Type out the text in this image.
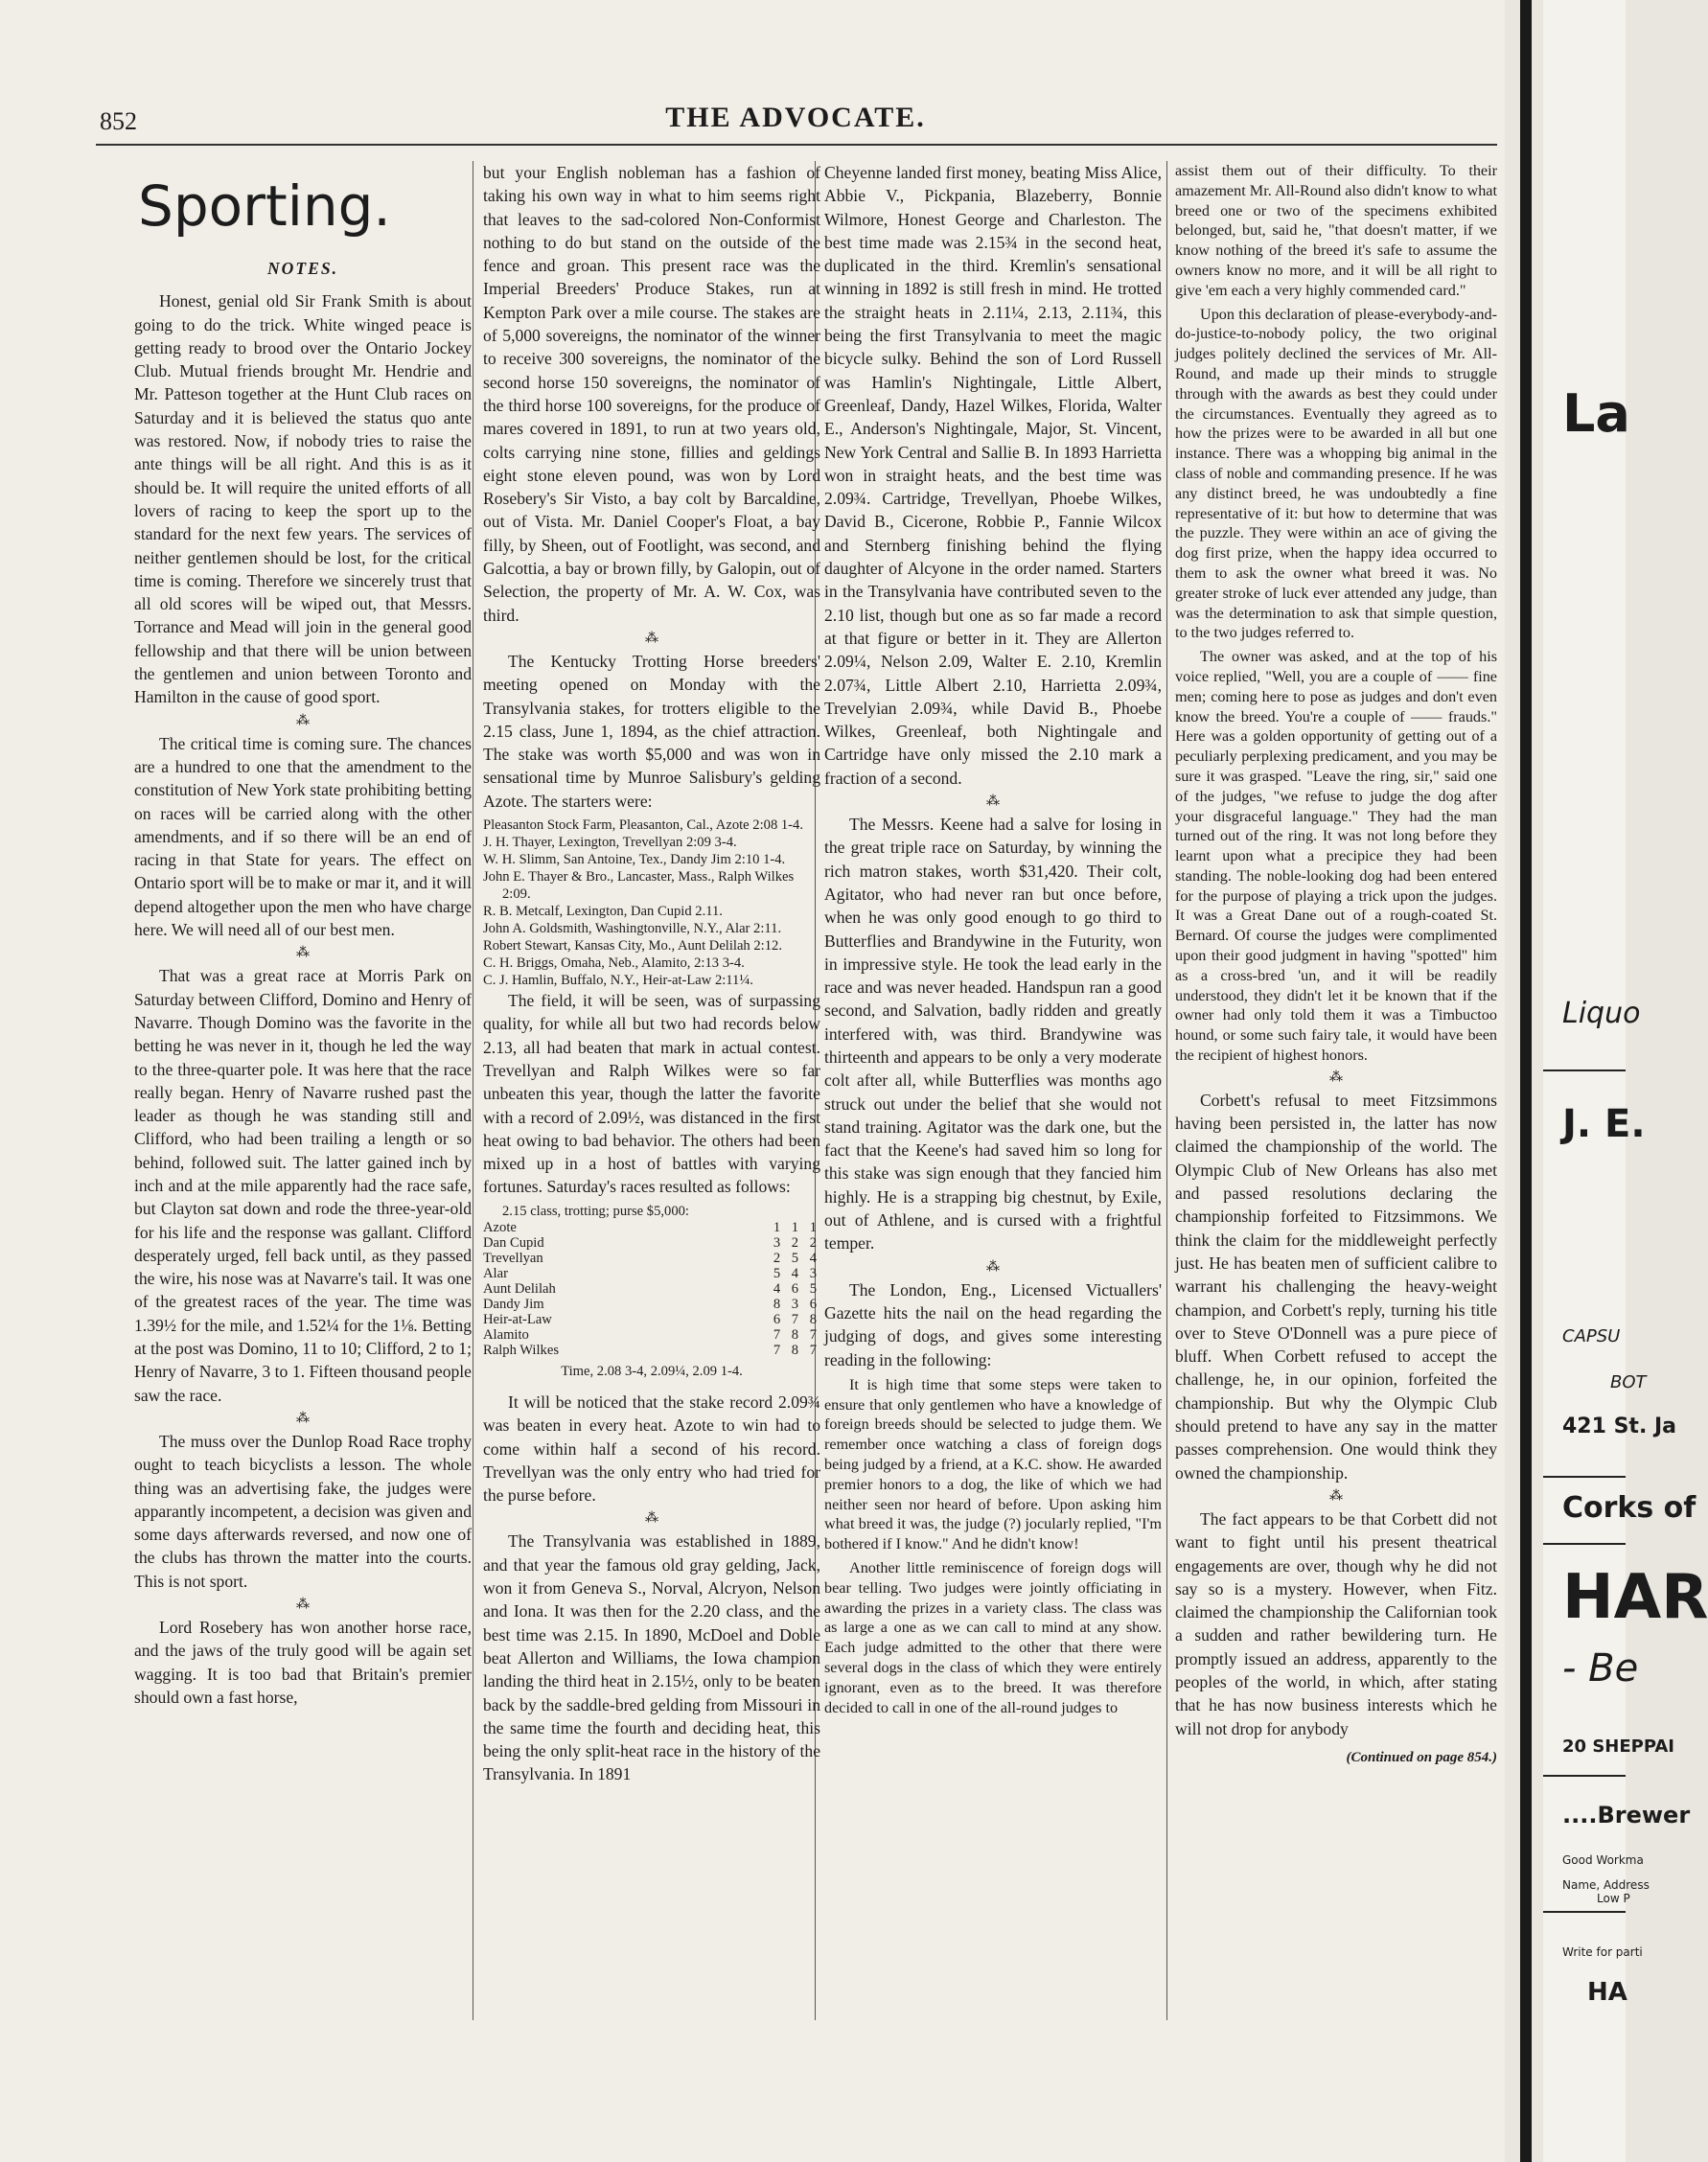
852	THE ADVOCATE.
Sporting.
NOTES.

Honest, genial old Sir Frank Smith is about going to do the trick. White winged peace is getting ready to brood over the Ontario Jockey Club. Mutual friends brought Mr. Hendrie and Mr. Patteson together at the Hunt Club races on Saturday and it is believed the status quo ante was restored. Now, if nobody tries to raise the ante things will be all right. And this is as it should be. It will require the united efforts of all lovers of racing to keep the sport up to the standard for the next few years. The services of neither gentlemen should be lost, for the critical time is coming. Therefore we sincerely trust that all old scores will be wiped out, that Messrs. Torrance and Mead will join in the general good fellowship and that there will be union between the gentlemen and union between Toronto and Hamilton in the cause of good sport.

⁂

The critical time is coming sure. The chances are a hundred to one that the amendment to the constitution of New York state prohibiting betting on races will be carried along with the other amendments, and if so there will be an end of racing in that State for years. The effect on Ontario sport will be to make or mar it, and it will depend altogether upon the men who have charge here. We will need all of our best men.

⁂

That was a great race at Morris Park on Saturday between Clifford, Domino and Henry of Navarre. Though Domino was the favorite in the betting he was never in it, though he led the way to the three-quarter pole. It was here that the race really began. Henry of Navarre rushed past the leader as though he was standing still and Clifford, who had been trailing a length or so behind, followed suit. The latter gained inch by inch and at the mile apparently had the race safe, but Clayton sat down and rode the three-year-old for his life and the response was gallant. Clifford desperately urged, fell back until, as they passed the wire, his nose was at Navarre's tail. It was one of the greatest races of the year. The time was 1.39½ for the mile, and 1.52¼ for the 1⅛. Betting at the post was Domino, 11 to 10; Clifford, 2 to 1; Henry of Navarre, 3 to 1. Fifteen thousand people saw the race.

⁂

The muss over the Dunlop Road Race trophy ought to teach bicyclists a lesson. The whole thing was an advertising fake, the judges were apparantly incompetent, a decision was given and some days afterwards reversed, and now one of the clubs has thrown the matter into the courts. This is not sport.

⁂

Lord Rosebery has won another horse race, and the jaws of the truly good will be again set wagging. It is too bad that Britain's premier should own a fast horse,

but your English nobleman has a fashion of taking his own way in what to him seems right that leaves to the sad-colored Non-Conformist nothing to do but stand on the outside of the fence and groan. This present race was the Imperial Breeders' Produce Stakes, run at Kempton Park over a mile course. The stakes are of 5,000 sovereigns, the nominator of the winner to receive 300 sovereigns, the nominator of the second horse 150 sovereigns, the nominator of the third horse 100 sovereigns, for the produce of mares covered in 1891, to run at two years old, colts carrying nine stone, fillies and geldings eight stone eleven pound, was won by Lord Rosebery's Sir Visto, a bay colt by Barcaldine, out of Vista. Mr. Daniel Cooper's Float, a bay filly, by Sheen, out of Footlight, was second, and Galcottia, a bay or brown filly, by Galopin, out of Selection, the property of Mr. A. W. Cox, was third.

⁂

The Kentucky Trotting Horse breeders' meeting opened on Monday with the Transylvania stakes, for trotters eligible to the 2.15 class, June 1, 1894, as the chief attraction. The stake was worth $5,000 and was won in sensational time by Munroe Salisbury's gelding Azote. The starters were:

Pleasanton Stock Farm, Pleasanton, Cal., Azote 2:08 1-4.
J. H. Thayer, Lexington, Trevellyan 2:09 3-4.
W. H. Slimm, San Antoine, Tex., Dandy Jim 2:10 1-4.
John E. Thayer & Bro., Lancaster, Mass., Ralph Wilkes 2:09.
R. B. Metcalf, Lexington, Dan Cupid 2.11.
John A. Goldsmith, Washingtonville, N.Y., Alar 2:11.
Robert Stewart, Kansas City, Mo., Aunt Delilah 2:12.
C. H. Briggs, Omaha, Neb., Alamito, 2:13 3-4.
C. J. Hamlin, Buffalo, N.Y., Heir-at-Law 2:11¼.

The field, it will be seen, was of surpassing quality, for while all but two had records below 2.13, all had beaten that mark in actual contest. Trevellyan and Ralph Wilkes were so far unbeaten this year, though the latter the favorite with a record of 2.09½, was distanced in the first heat owing to bad behavior. The others had been mixed up in a host of battles with varying fortunes. Saturday's races resulted as follows:

2.15 class, trotting; purse $5,000:
Azote	1 1 1
Dan Cupid	3 2 2
Trevellyan	2 5 4
Alar	5 4 3
Aunt Delilah	4 6 5
Dandy Jim	8 3 6
Heir-at-Law	6 7 8
Alamito	7 8 7
Ralph Wilkes	7 8 7
Time, 2.08 3-4, 2.09¼, 2.09 1-4.

It will be noticed that the stake record 2.09¾ was beaten in every heat. Azote to win had to come within half a second of his record. Trevellyan was the only entry who had tried for the purse before.

⁂

The Transylvania was established in 1889, and that year the famous old gray gelding, Jack, won it from Geneva S., Norval, Alcryon, Nelson and Iona. It was then for the 2.20 class, and the best time was 2.15. In 1890, McDoel and Doble beat Allerton and Williams, the Iowa champion landing the third heat in 2.15½, only to be beaten back by the saddle-bred gelding from Missouri in the same time the fourth and deciding heat, this being the only split-heat race in the history of the Transylvania. In 1891

Cheyenne landed first money, beating Miss Alice, Abbie V., Pickpania, Blazeberry, Bonnie Wilmore, Honest George and Charleston. The best time made was 2.15¾ in the second heat, duplicated in the third. Kremlin's sensational winning in 1892 is still fresh in mind. He trotted the straight heats in 2.11¼, 2.13, 2.11¾, this being the first Transylvania to meet the magic bicycle sulky. Behind the son of Lord Russell was Hamlin's Nightingale, Little Albert, Greenleaf, Dandy, Hazel Wilkes, Florida, Walter E., Anderson's Nightingale, Major, St. Vincent, New York Central and Sallie B. In 1893 Harrietta won in straight heats, and the best time was 2.09¾. Cartridge, Trevellyan, Phoebe Wilkes, David B., Cicerone, Robbie P., Fannie Wilcox and Sternberg finishing behind the flying daughter of Alcyone in the order named. Starters in the Transylvania have contributed seven to the 2.10 list, though but one as so far made a record at that figure or better in it. They are Allerton 2.09¼, Nelson 2.09, Walter E. 2.10, Kremlin 2.07¾, Little Albert 2.10, Harrietta 2.09¾, Trevelyian 2.09¾, while David B., Phoebe Wilkes, Greenleaf, both Nightingale and Cartridge have only missed the 2.10 mark a fraction of a second.

⁂

The Messrs. Keene had a salve for losing in the great triple race on Saturday, by winning the rich matron stakes, worth $31,420. Their colt, Agitator, who had never ran but once before, when he was only good enough to go third to Butterflies and Brandywine in the Futurity, won in impressive style. He took the lead early in the race and was never headed. Handspun ran a good second, and Salvation, badly ridden and greatly interfered with, was third. Brandywine was thirteenth and appears to be only a very moderate colt after all, while Butterflies was months ago struck out under the belief that she would not stand training. Agitator was the dark one, but the fact that the Keene's had saved him so long for this stake was sign enough that they fancied him highly. He is a strapping big chestnut, by Exile, out of Athlene, and is cursed with a frightful temper.

⁂

The London, Eng., Licensed Victuallers' Gazette hits the nail on the head regarding the judging of dogs, and gives some interesting reading in the following:

It is high time that some steps were taken to ensure that only gentlemen who have a knowledge of foreign breeds should be selected to judge them. We remember once watching a class of foreign dogs being judged by a friend, at a K.C. show. He awarded premier honors to a dog, the like of which we had neither seen nor heard of before. Upon asking him what breed it was, the judge (?) jocularly replied, "I'm bothered if I know." And he didn't know!

Another little reminiscence of foreign dogs will bear telling. Two judges were jointly officiating in awarding the prizes in a variety class. The class was as large a one as we can call to mind at any show. Each judge admitted to the other that there were several dogs in the class of which they were entirely ignorant, even as to the breed. It was therefore decided to call in one of the all-round judges to

assist them out of their difficulty. To their amazement Mr. All-Round also didn't know to what breed one or two of the specimens exhibited belonged, but, said he, "that doesn't matter, if we know nothing of the breed it's safe to assume the owners know no more, and it will be all right to give 'em each a very highly commended card."

Upon this declaration of please-everybody-and-do-justice-to-nobody policy, the two original judges politely declined the services of Mr. All-Round, and made up their minds to struggle through with the awards as best they could under the circumstances. Eventually they agreed as to how the prizes were to be awarded in all but one instance. There was a whopping big animal in the class of noble and commanding presence. If he was any distinct breed, he was undoubtedly a fine representative of it: but how to determine that was the puzzle. They were within an ace of giving the dog first prize, when the happy idea occurred to them to ask the owner what breed it was. No greater stroke of luck ever attended any judge, than was the determination to ask that simple question, to the two judges referred to.

The owner was asked, and at the top of his voice replied, "Well, you are a couple of —— fine men; coming here to pose as judges and don't even know the breed. You're a couple of —— frauds." Here was a golden opportunity of getting out of a peculiarly perplexing predicament, and you may be sure it was grasped. "Leave the ring, sir," said one of the judges, "we refuse to judge the dog after your disgraceful language." They had the man turned out of the ring. It was not long before they learnt upon what a precipice they had been standing. The noble-looking dog had been entered for the purpose of playing a trick upon the judges. It was a Great Dane out of a rough-coated St. Bernard. Of course the judges were complimented upon their good judgment in having "spotted" him as a cross-bred 'un, and it will be readily understood, they didn't let it be known that if the owner had only told them it was a Timbuctoo hound, or some such fairy tale, it would have been the recipient of highest honors.

⁂

Corbett's refusal to meet Fitzsimmons having been persisted in, the latter has now claimed the championship of the world. The Olympic Club of New Orleans has also met and passed resolutions declaring the championship forfeited to Fitzsimmons. We think the claim for the middleweight perfectly just. He has beaten men of sufficient calibre to warrant his challenging the heavy-weight champion, and Corbett's reply, turning his title over to Steve O'Donnell was a pure piece of bluff. When Corbett refused to accept the challenge, he, in our opinion, forfeited the championship. But why the Olympic Club should pretend to have any say in the matter passes comprehension. One would think they owned the championship.

⁂

The fact appears to be that Corbett did not want to fight until his present theatrical engagements are over, though why he did not say so is a mystery. However, when Fitz. claimed the championship the Californian took a sudden and rather bewildering turn. He promptly issued an address, apparently to the peoples of the world, in which, after stating that he has now business interests which he will not drop for anybody

(Continued on page 854.)
La
Liquo
J. E.
CAPSU
BOT
421 St. Ja
Corks of
HAR
- Be
20 SHEPPAI
....Brewer
Good Workma
Name, Address
Low P
Write for parti
HA
